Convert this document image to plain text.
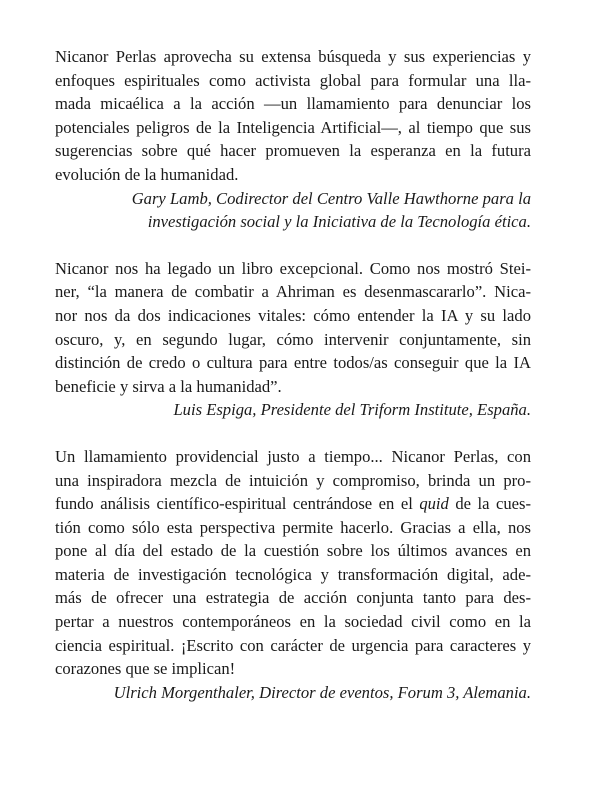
Nicanor Perlas aprovecha su extensa búsqueda y sus experiencias y
enfoques espirituales como activista global para formular una lla-
mada micaélica a la acción —un llamamiento para denunciar los
potenciales peligros de la Inteligencia Artificial—, al tiempo que sus
sugerencias sobre qué hacer promueven la esperanza en la futura
evolución de la humanidad.

Gary Lamb, Codirector del Centro Valle Hawthorne para la
investigación social y la Iniciativa de la Tecnología ética.

Nicanor nos ha legado un libro excepcional. Como nos mostró Stei-
ner, “la manera de combatir a Ahriman es desenmascararlo”. Nica-
nor nos da dos indicaciones vitales: cómo entender la IA y su lado
oscuro, y, en segundo lugar, cómo intervenir conjuntamente, sin
distinción de credo o cultura para entre todos/as conseguir que la IA
beneficie y sirva a la humanidad”.

Luis Espiga, Presidente del Triform Institute, España.

Un llamamiento providencial justo a tiempo... Nicanor Perlas, con
una inspiradora mezcla de intuición y compromiso, brinda un pro-
fundo análisis científico-espiritual centrándose en el quid de la cues-
tión como sólo esta perspectiva permite hacerlo. Gracias a ella, nos
pone al día del estado de la cuestión sobre los últimos avances en
materia de investigación tecnológica y transformación digital, ade-
más de ofrecer una estrategia de acción conjunta tanto para des-
pertar a nuestros contemporáneos en la sociedad civil como en la
ciencia espiritual. ¡Escrito con carácter de urgencia para caracteres y
corazones que se implican!

Ulrich Morgenthaler, Director de eventos, Forum 3, Alemania.
